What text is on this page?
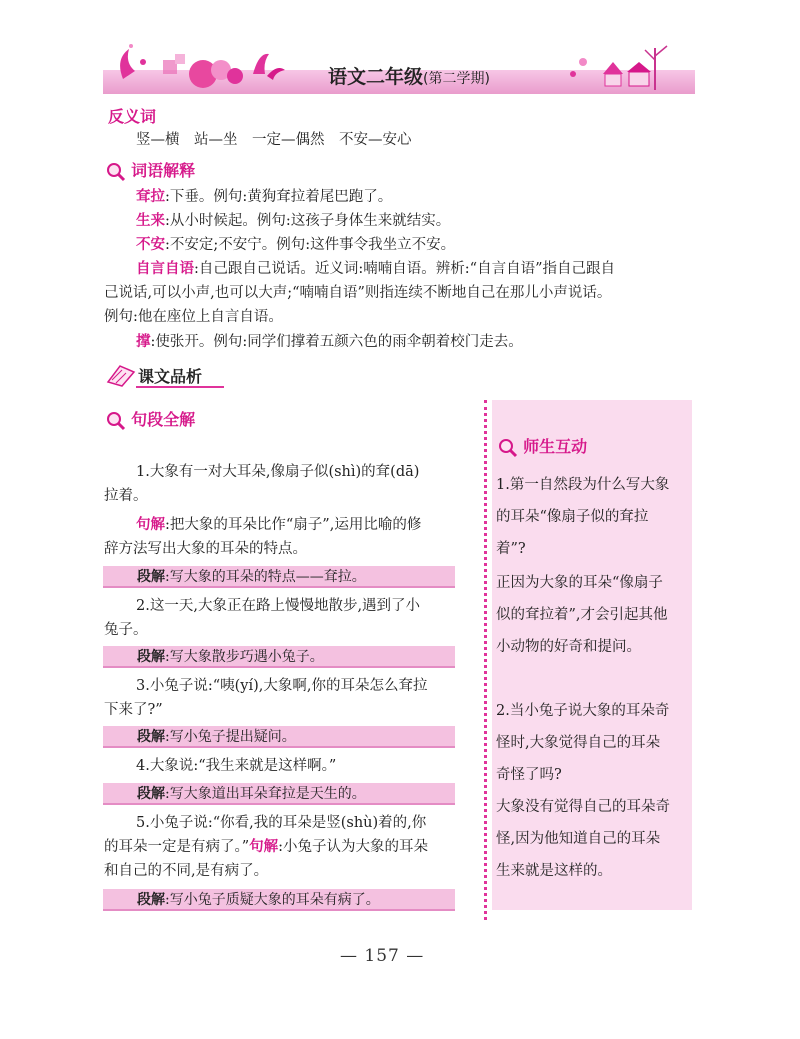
语文二年级(第二学期)
反义词
竖—横　站—坐　一定—偶然　不安—安心
词语解释
耷拉:下垂。例句:黄狗耷拉着尾巴跑了。
生来:从小时候起。例句:这孩子身体生来就结实。
不安:不安定;不安宁。例句:这件事令我坐立不安。
自言自语:自己跟自己说话。近义词:喃喃自语。辨析:“自言自语”指自己跟自
己说话,可以小声,也可以大声;“喃喃自语”则指连续不断地自己在那儿小声说话。
例句:他在座位上自言自语。
撑:使张开。例句:同学们撑着五颜六色的雨伞朝着校门走去。
课文品析
句段全解
1.大象有一对大耳朵,像扇子似(shì)的耷(dā)
拉着。
句解:把大象的耳朵比作“扇子”,运用比喻的修
辞方法写出大象的耳朵的特点。
段解:写大象的耳朵的特点——耷拉。
2.这一天,大象正在路上慢慢地散步,遇到了小
兔子。
段解:写大象散步巧遇小兔子。
3.小兔子说:“咦(yí),大象啊,你的耳朵怎么耷拉
下来了?”
段解:写小兔子提出疑问。
4.大象说:“我生来就是这样啊。”
段解:写大象道出耳朵耷拉是天生的。
5.小兔子说:“你看,我的耳朵是竖(shù)着的,你
的耳朵一定是有病了。”句解:小兔子认为大象的耳朵
和自己的不同,是有病了。
段解:写小兔子质疑大象的耳朵有病了。
师生互动
1.第一自然段为什么写大象
的耳朵“像扇子似的耷拉
着”?
正因为大象的耳朵“像扇子
似的耷拉着”,才会引起其他
小动物的好奇和提问。
2.当小兔子说大象的耳朵奇
怪时,大象觉得自己的耳朵
奇怪了吗?
大象没有觉得自己的耳朵奇
怪,因为他知道自己的耳朵
生来就是这样的。
— 157 —
